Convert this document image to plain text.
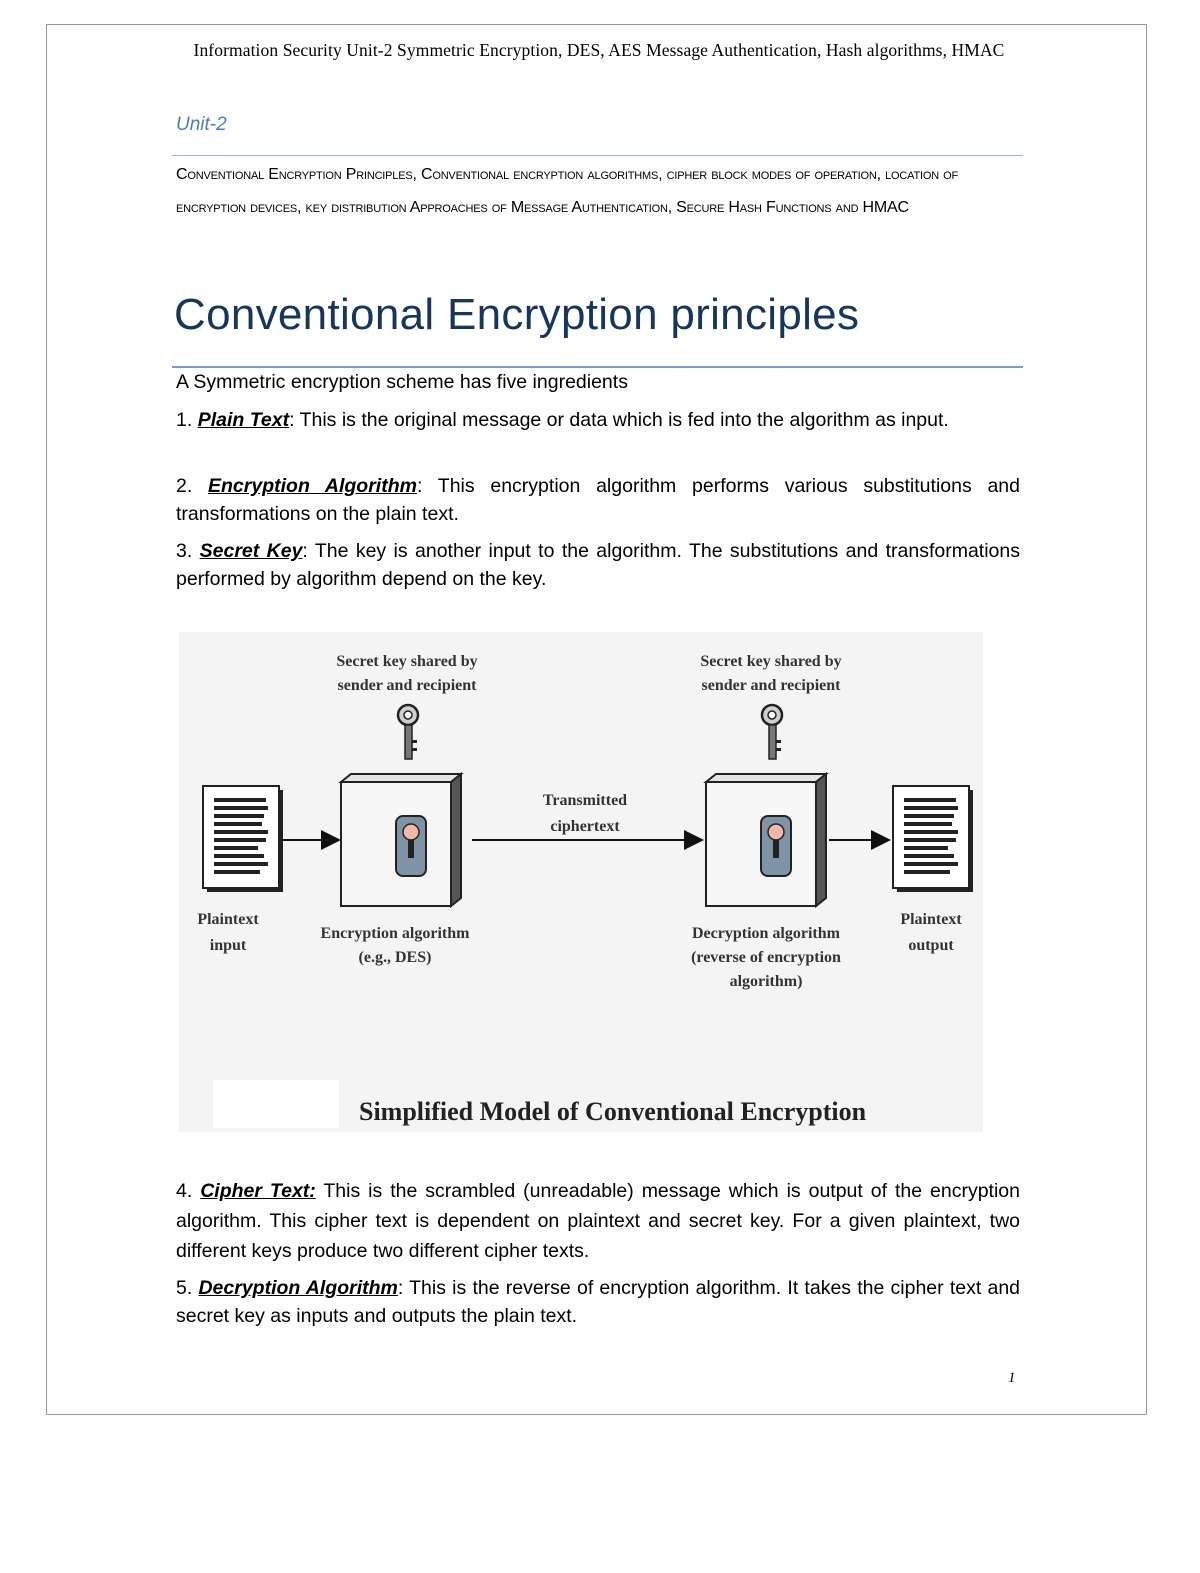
Information Security Unit-2 Symmetric Encryption, DES, AES Message Authentication, Hash algorithms, HMAC
Unit-2
Conventional Encryption Principles, Conventional encryption algorithms, cipher block modes of operation, location of encryption devices, key distribution Approaches of Message Authentication, Secure Hash Functions and HMAC
Conventional Encryption principles
A Symmetric encryption scheme has five ingredients

1. Plain Text: This is the original message or data which is fed into the algorithm as input.

2. Encryption Algorithm: This encryption algorithm performs various substitutions and transformations on the plain text.

3. Secret Key: The key is another input to the algorithm. The substitutions and transformations performed by algorithm depend on the key.

Secret key shared by
sender and recipient
Secret key shared by
sender and recipient
Transmitted
ciphertext
Plaintext
input
Encryption algorithm
(e.g., DES)
Decryption algorithm
(reverse of encryption
algorithm)
Plaintext
output
Simplified Model of Conventional Encryption

4. Cipher Text: This is the scrambled (unreadable) message which is output of the encryption algorithm. This cipher text is dependent on plaintext and secret key. For a given plaintext, two different keys produce two different cipher texts.

5. Decryption Algorithm: This is the reverse of encryption algorithm. It takes the cipher text and secret key as inputs and outputs the plain text.

1
